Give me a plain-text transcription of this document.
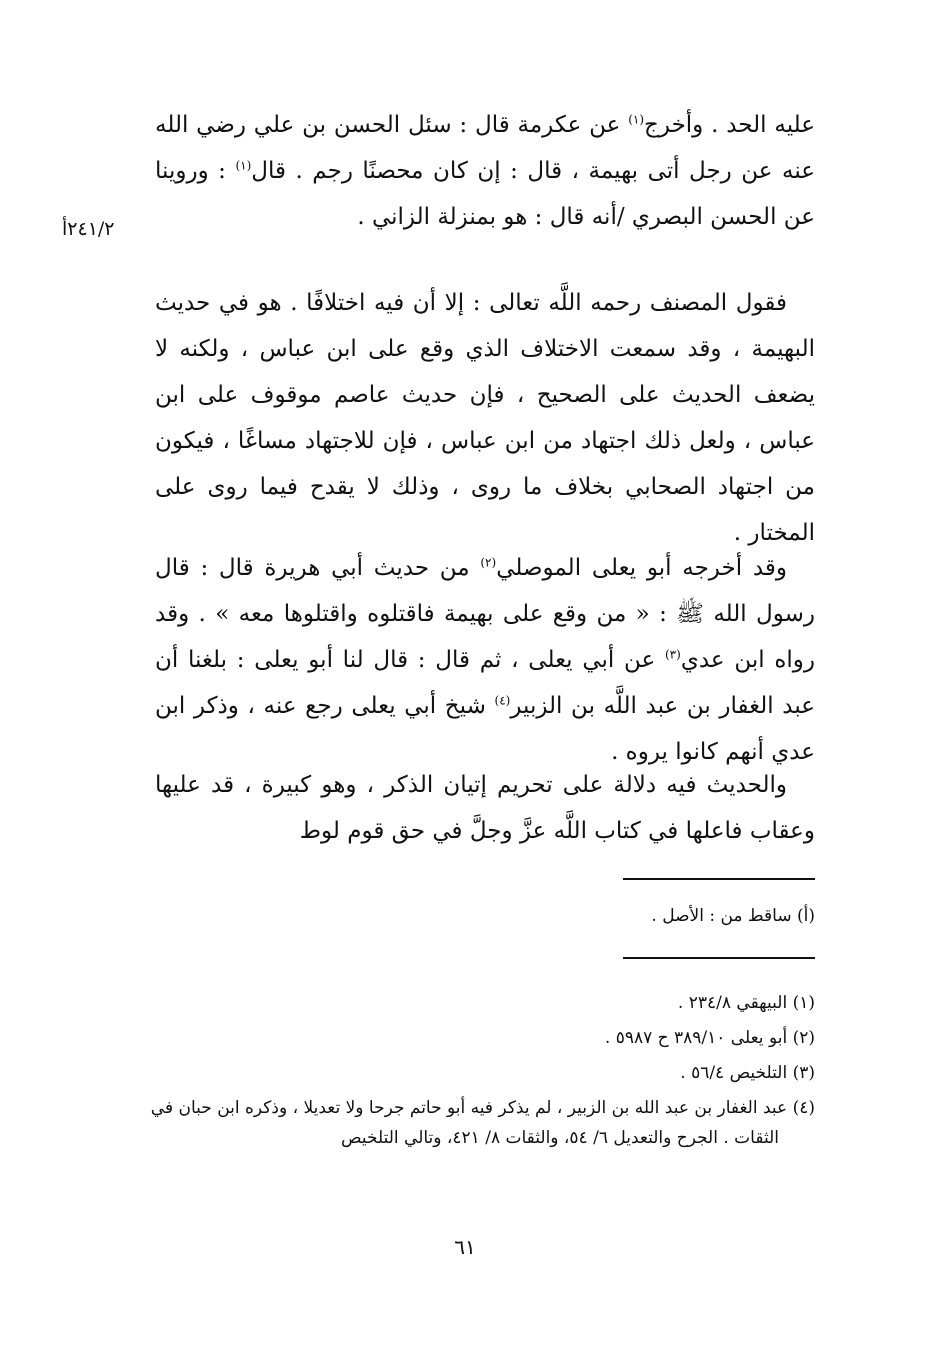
٢٤١/٢أ
عليه الحد . وأخرج$^{(١)}$ عن عكرمة قال : سئل الحسن بن علي رضي الله عنه عن رجل أتى بهيمة ، قال : إن كان محصنًا رجم . قال$^{(١)}$ : وروينا عن الحسن البصري /أنه قال : هو بمنزلة الزاني .
فقول المصنف رحمه اللَّه تعالى : إلا أن فيه اختلافًا . هو في حديث البهيمة ، وقد سمعت الاختلاف الذي وقع على ابن عباس ، ولكنه لا يضعف الحديث على الصحيح ، فإن حديث عاصم موقوف على ابن عباس ، ولعل ذلك اجتهاد من ابن عباس ، فإن للاجتهاد مساغًا ، فيكون من اجتهاد الصحابي بخلاف ما روى ، وذلك لا يقدح فيما روى على المختار .
وقد أخرجه أبو يعلى الموصلي$^{(٢)}$ من حديث أبي هريرة قال : قال رسول الله ﷺ : « من وقع على بهيمة فاقتلوه واقتلوها معه » . وقد رواه ابن عدي$^{(٣)}$ عن أبي يعلى ، ثم قال : قال لنا أبو يعلى : بلغنا أن عبد الغفار بن عبد اللَّه بن الزبير$^{(٤)}$ شيخ أبي يعلى رجع عنه ، وذكر ابن عدي أنهم كانوا يروه .
والحديث فيه دلالة على تحريم إتيان الذكر ، وهو كبيرة ، قد عليها وعقاب فاعلها في كتاب اللَّه عزَّ وجلَّ في حق قوم لوط
(أ) ساقط من : الأصل .
(١) البيهقي ٢٣٤/٨ .
(٢) أبو يعلى ٣٨٩/١٠ ح ٥٩٨٧ .
(٣) التلخيص ٥٦/٤ .
(٤) عبد الغفار بن عبد الله بن الزبير ، لم يذكر فيه أبو حاتم جرحا ولا تعديلا ، وذكره ابن حبان في
الثقات . الجرح والتعديل ٦/ ٥٤، والثقات ٨/ ٤٢١، وتالي التلخيص
٦١
